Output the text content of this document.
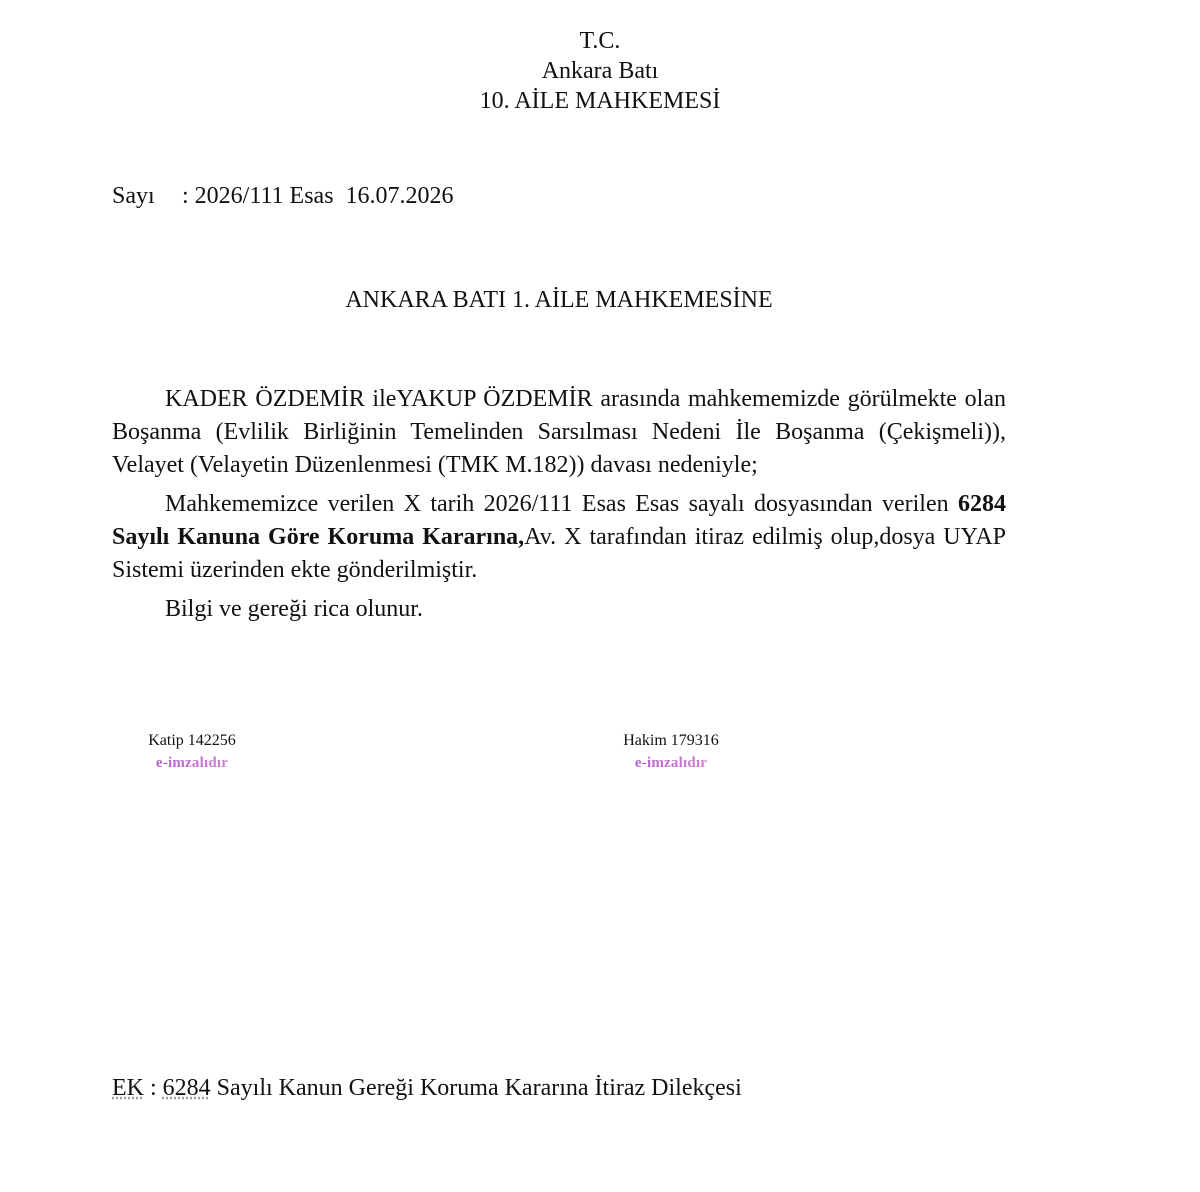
T.C.
Ankara Batı
10. AİLE MAHKEMESİ
Sayı : 2026/111 Esas  16.07.2026
ANKARA BATI 1. AİLE MAHKEMESİNE

KADER ÖZDEMİR ileYAKUP ÖZDEMİR arasında mahkememizde görülmekte olan Boşanma (Evlilik Birliğinin Temelinden Sarsılması Nedeni İle Boşanma (Çekişmeli)), Velayet (Velayetin Düzenlenmesi (TMK M.182)) davası nedeniyle;

Mahkememizce verilen X tarih 2026/111 Esas Esas sayalı dosyasından verilen 6284 Sayılı Kanuna Göre Koruma Kararına,Av. X tarafından itiraz edilmiş olup,dosya UYAP Sistemi üzerinden ekte gönderilmiştir.

Bilgi ve gereği rica olunur.

Katip 142256
e-imzalıdır
Hakim 179316
e-imzalıdır
EK : 6284 Sayılı Kanun Gereği Koruma Kararına İtiraz Dilekçesi
